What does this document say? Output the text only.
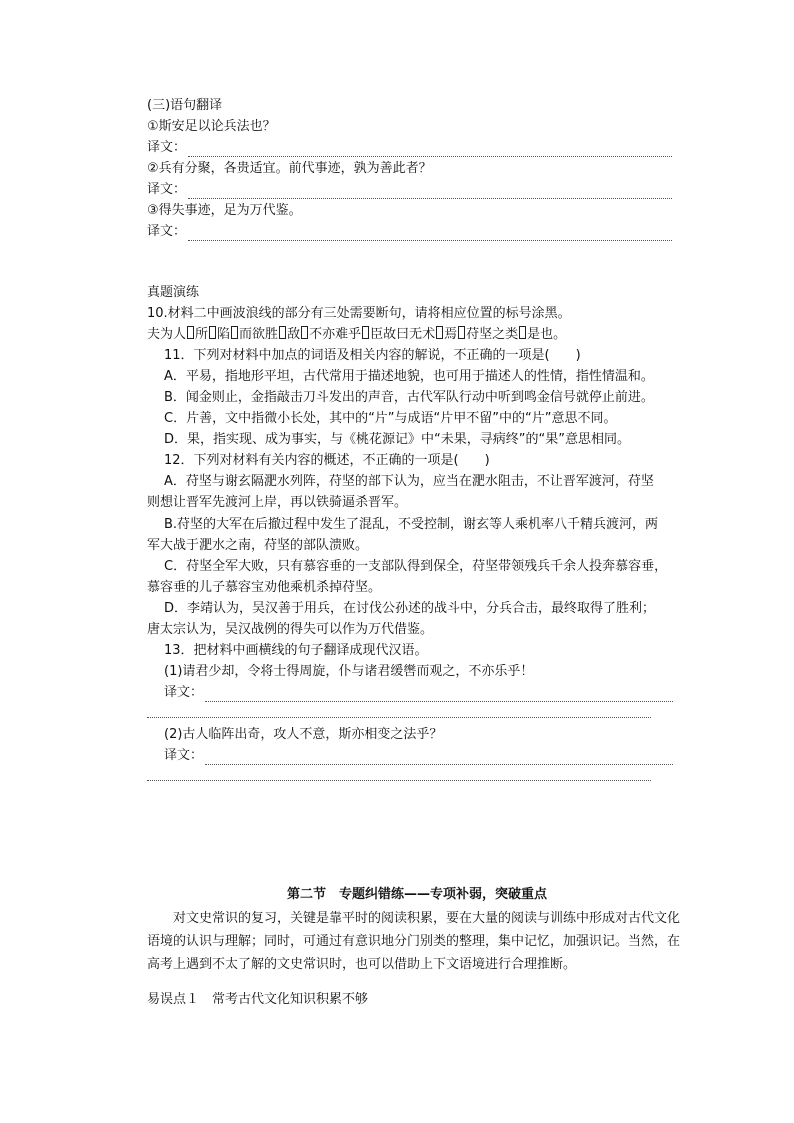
(三)语句翻译
①斯安足以论兵法也？
译文：
②兵有分聚，各贵适宜。前代事迹，孰为善此者？
译文：
③得失事迹，足为万代鉴。
译文：
真题演练
10.材料二中画波浪线的部分有三处需要断句，请将相应位置的标号涂黑。
夫为人 所 陷 而欲胜 敌 不亦难乎 臣故曰无术 焉 苻坚之类 是也。
11．下列对材料中加点的词语及相关内容的解说，不正确的一项是(　　)
A．平易，指地形平坦，古代常用于描述地貌，也可用于描述人的性情，指性情温和。
B．闻金则止，金指敲击刀斗发出的声音，古代军队行动中听到鸣金信号就停止前进。
C．片善，文中指微小长处，其中的“片”与成语“片甲不留”中的“片”意思不同。
D．果，指实现、成为事实，与《桃花源记》中“未果，寻病终”的“果”意思相同。
12．下列对材料有关内容的概述，不正确的一项是(　　)
A．苻坚与谢玄隔淝水列阵，苻坚的部下认为，应当在淝水阻击，不让晋军渡河，苻坚
则想让晋军先渡河上岸，再以铁骑逼杀晋军。
B.苻坚的大军在后撤过程中发生了混乱，不受控制，谢玄等人乘机率八千精兵渡河，两
军大战于淝水之南，苻坚的部队溃败。
C．苻坚全军大败，只有慕容垂的一支部队得到保全，苻坚带领残兵千余人投奔慕容垂，
慕容垂的儿子慕容宝劝他乘机杀掉苻坚。
D．李靖认为，吴汉善于用兵，在讨伐公孙述的战斗中，分兵合击，最终取得了胜利；
唐太宗认为，吴汉战例的得失可以作为万代借鉴。
13．把材料中画横线的句子翻译成现代汉语。
(1)请君少却，令将士得周旋，仆与诸君缓辔而观之，不亦乐乎！
译文：
(2)古人临阵出奇，攻人不意，斯亦相变之法乎？
译文：
第二节　专题纠错练——专项补弱，突破重点
对文史常识的复习，关键是靠平时的阅读积累，要在大量的阅读与训练中形成对古代文化语境的认识与理解；同时，可通过有意识地分门别类的整理，集中记忆，加强识记。当然，在高考上遇到不太了解的文史常识时，也可以借助上下文语境进行合理推断。
易误点１　常考古代文化知识积累不够
